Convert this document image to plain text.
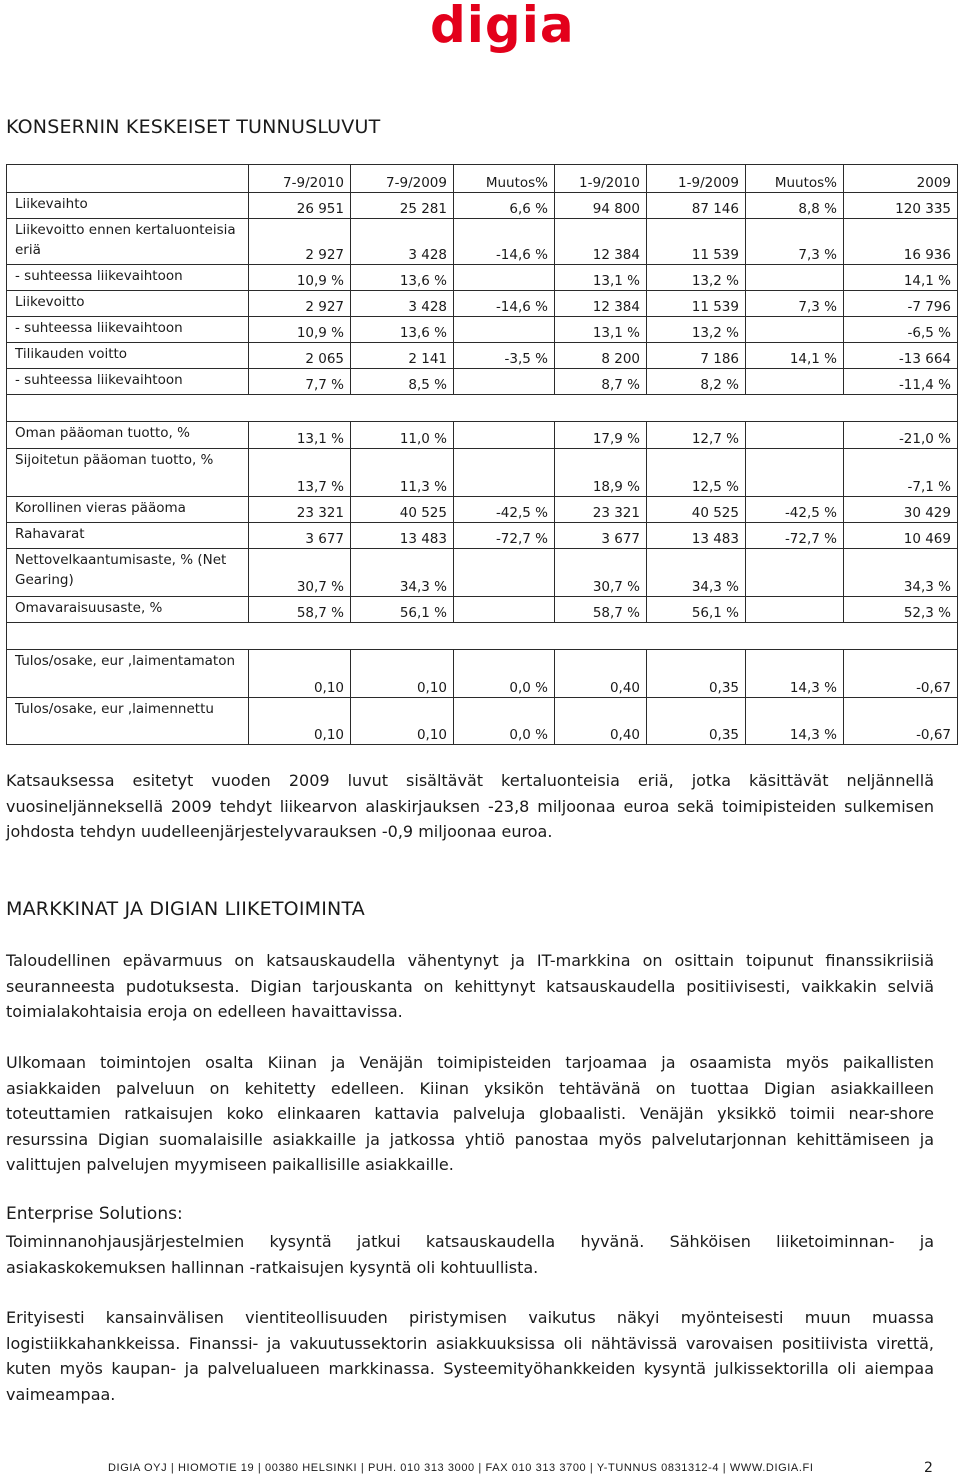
digia
KONSERNIN KESKEISET TUNNUSLUVUT
	7-9/2010	7-9/2009	Muutos%	1-9/2010	1-9/2009	Muutos%	2009
Liikevaihto	26 951	25 281	6,6 %	94 800	87 146	8,8 %	120 335
Liikevoitto ennen kertaluonteisia eriä	2 927	3 428	-14,6 %	12 384	11 539	7,3 %	16 936
- suhteessa liikevaihtoon	10,9 %	13,6 %		13,1 %	13,2 %		14,1 %
Liikevoitto	2 927	3 428	-14,6 %	12 384	11 539	7,3 %	-7 796
- suhteessa liikevaihtoon	10,9 %	13,6 %		13,1 %	13,2 %		-6,5 %
Tilikauden voitto	2 065	2 141	-3,5 %	8 200	7 186	14,1 %	-13 664
- suhteessa liikevaihtoon	7,7 %	8,5 %		8,7 %	8,2 %		-11,4 %

Oman pääoman tuotto, %	13,1 %	11,0 %		17,9 %	12,7 %		-21,0 %
Sijoitetun pääoman tuotto, %	13,7 %	11,3 %		18,9 %	12,5 %		-7,1 %
Korollinen vieras pääoma	23 321	40 525	-42,5 %	23 321	40 525	-42,5 %	30 429
Rahavarat	3 677	13 483	-72,7 %	3 677	13 483	-72,7 %	10 469
Nettovelkaantumisaste, % (Net Gearing)	30,7 %	34,3 %		30,7 %	34,3 %		34,3 %
Omavaraisuusaste, %	58,7 %	56,1 %		58,7 %	56,1 %		52,3 %

Tulos/osake, eur ,laimentamaton	0,10	0,10	0,0 %	0,40	0,35	14,3 %	-0,67
Tulos/osake, eur ,laimennettu	0,10	0,10	0,0 %	0,40	0,35	14,3 %	-0,67
Katsauksessa esitetyt vuoden 2009 luvut sisältävät kertaluonteisia eriä, jotka käsittävät neljännellä vuosineljänneksellä 2009 tehdyt liikearvon alaskirjauksen -23,8 miljoonaa euroa sekä toimipisteiden sulkemisen johdosta tehdyn uudelleenjärjestelyvarauksen -0,9 miljoonaa euroa.
MARKKINAT JA DIGIAN LIIKETOIMINTA
Taloudellinen epävarmuus on katsauskaudella vähentynyt ja IT-markkina on osittain toipunut finanssikriisiä seuranneesta pudotuksesta. Digian tarjouskanta on kehittynyt katsauskaudella positiivisesti, vaikkakin selviä toimialakohtaisia eroja on edelleen havaittavissa.
Ulkomaan toimintojen osalta Kiinan ja Venäjän toimipisteiden tarjoamaa ja osaamista myös paikallisten asiakkaiden palveluun on kehitetty edelleen. Kiinan yksikön tehtävänä on tuottaa Digian asiakkailleen toteuttamien ratkaisujen koko elinkaaren kattavia palveluja globaalisti. Venäjän yksikkö toimii near-shore resurssina Digian suomalaisille asiakkaille ja jatkossa yhtiö panostaa myös palvelutarjonnan kehittämiseen ja valittujen palvelujen myymiseen paikallisille asiakkaille.
Enterprise Solutions:
Toiminnanohjausjärjestelmien kysyntä jatkui katsauskaudella hyvänä. Sähköisen liiketoiminnan- ja asiakaskokemuksen hallinnan -ratkaisujen kysyntä oli kohtuullista.
Erityisesti kansainvälisen vientiteollisuuden piristymisen vaikutus näkyi myönteisesti muun muassa logistiikkahankkeissa. Finanssi- ja vakuutussektorin asiakkuuksissa oli nähtävissä varovaisen positiivista virettä, kuten myös kaupan- ja palvelualueen markkinassa. Systeemityöhankkeiden kysyntä julkissektorilla oli aiempaa vaimeampaa.
DIGIA OYJ | HIOMOTIE 19 | 00380 HELSINKI | PUH. 010 313 3000 | FAX 010 313 3700 | Y-TUNNUS 0831312-4 | WWW.DIGIA.FI	2
